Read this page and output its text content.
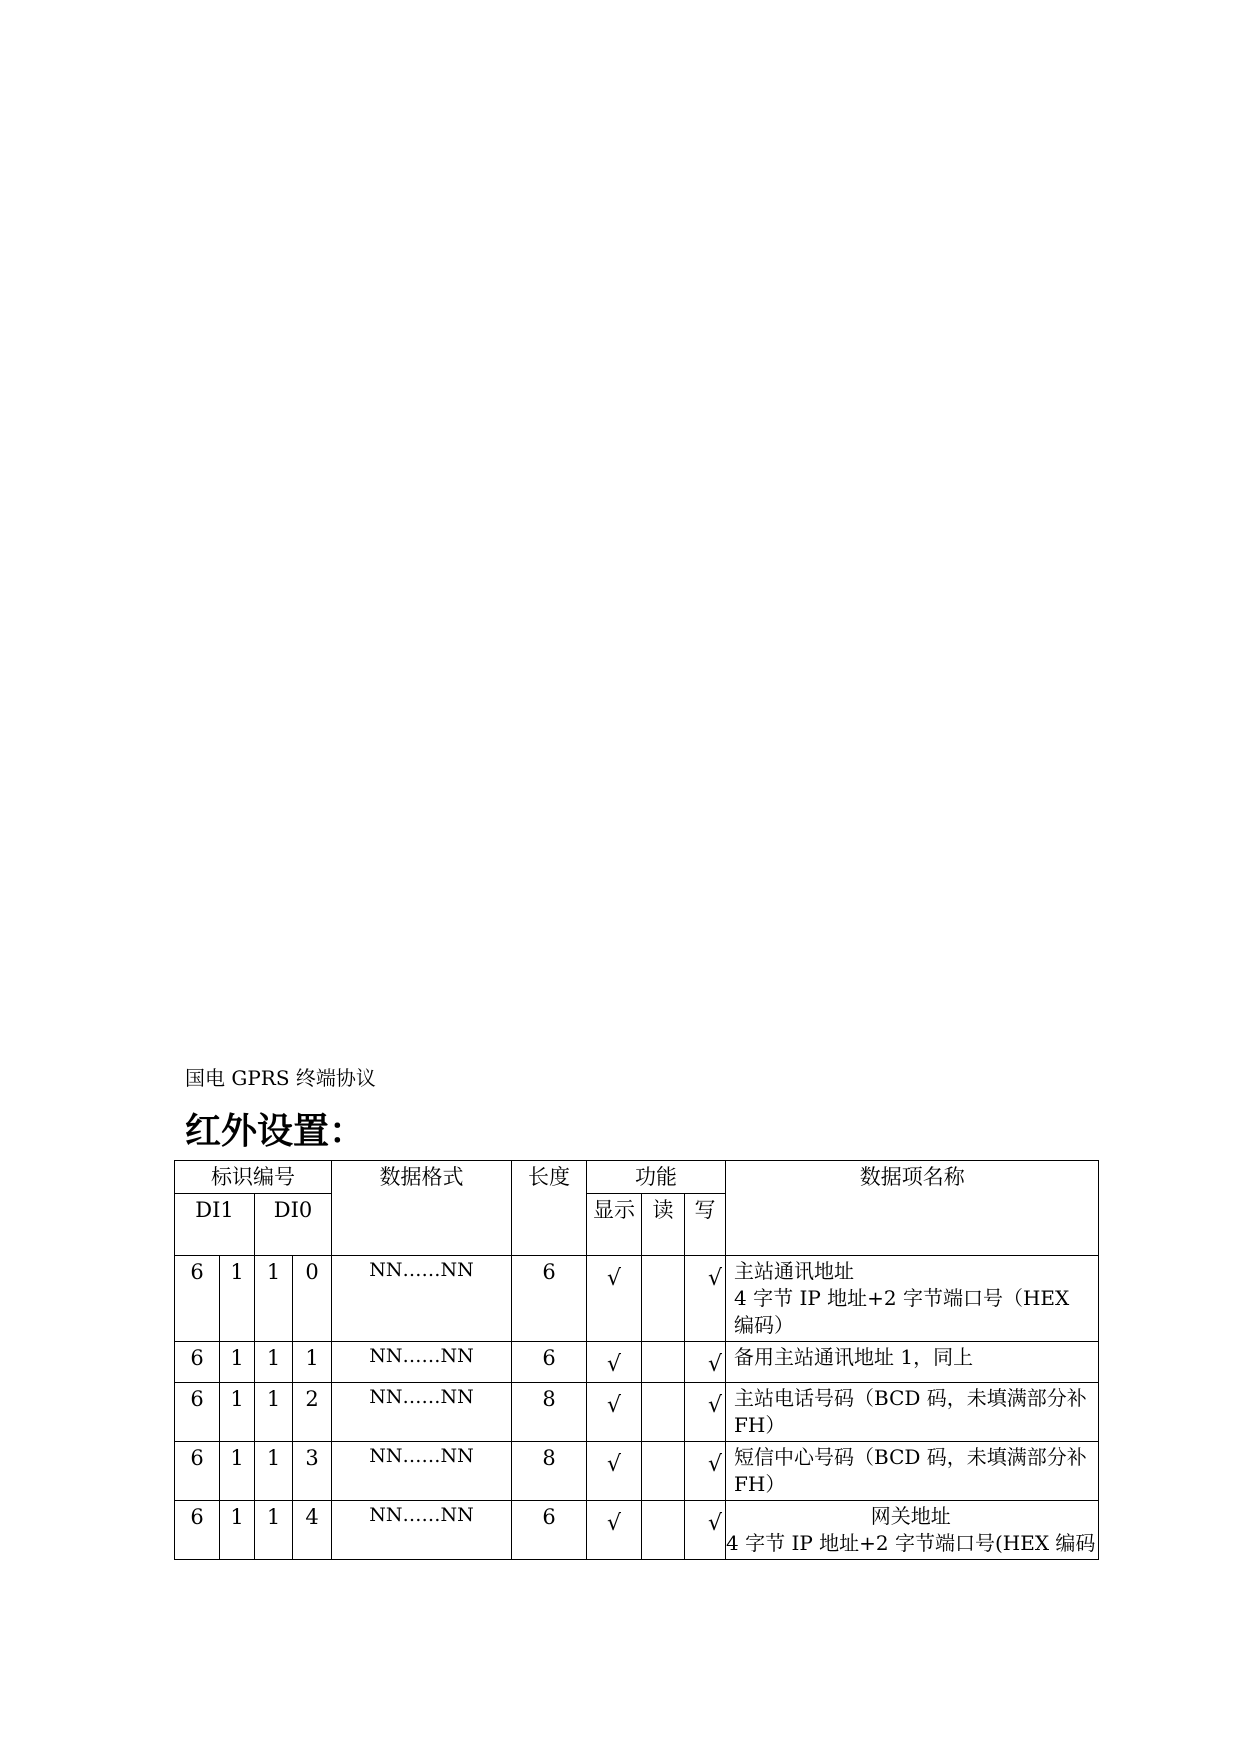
国电 GPRS 终端协议
红外设置：
标识编号				数据格式	长度	功能			数据项名称
DI1		DI0				显示	读	写	
6	1	1	0	NN……NN	6	√		√	主站通讯地址
4 字节 IP 地址+2 字节端口号（HEX 编码）

6	1	1	1	NN……NN	6	√		√	备用主站通讯地址 1，同上

6	1	1	2	NN……NN	8	√		√	主站电话号码（BCD 码，未填满部分补 FH）

6	1	1	3	NN……NN	8	√		√	短信中心号码（BCD 码，未填满部分补 FH）

6	1	1	4	NN……NN	6	√		√	网关地址
4 字节 IP 地址+2 字节端口号(HEX 编码
